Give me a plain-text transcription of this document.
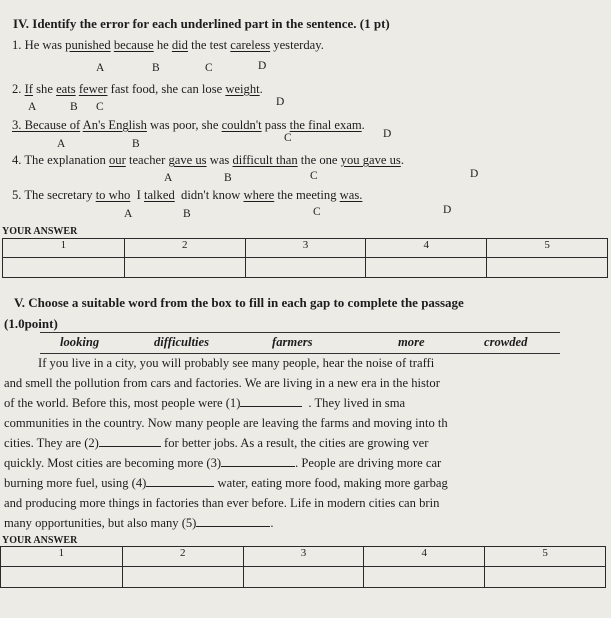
IV. Identify the error for each underlined part in the sentence. (1 pt)
1. He was punished because he did the test careless yesterday.
A	B	C	D
2. If she eats fewer fast food, she can lose weight.
A	B C	D
3. Because of An's English was poor, she couldn't pass the final exam.
A	B	C	D
4. The explanation our teacher gave us was difficult than the one you gave us.
A	B	C	D
5. The secretary to who  I talked  didn't know where the meeting was.
A	B	C	D
YOUR ANSWER
1	2	3	4	5

V. Choose a suitable word from the box to fill in each gap to complete the passage
(1.0point)
looking	difficulties	farmers	more	crowded
If you live in a city, you will probably see many people, hear the noise of traffi
and smell the pollution from cars and factories. We are living in a new era in the histor
of the world. Before this, most people were (1)	. They lived in sma
communities in the country. Now many people are leaving the farms and moving into th
cities. They are (2)	for better jobs. As a result, the cities are growing ver
quickly. Most cities are becoming more (3)	. People are driving more car
burning more fuel, using (4)	water, eating more food, making more garbag
and producing more things in factories than ever before. Life in modern cities can brin
many opportunities, but also many (5)	.
YOUR ANSWER
1	2	3	4	5
